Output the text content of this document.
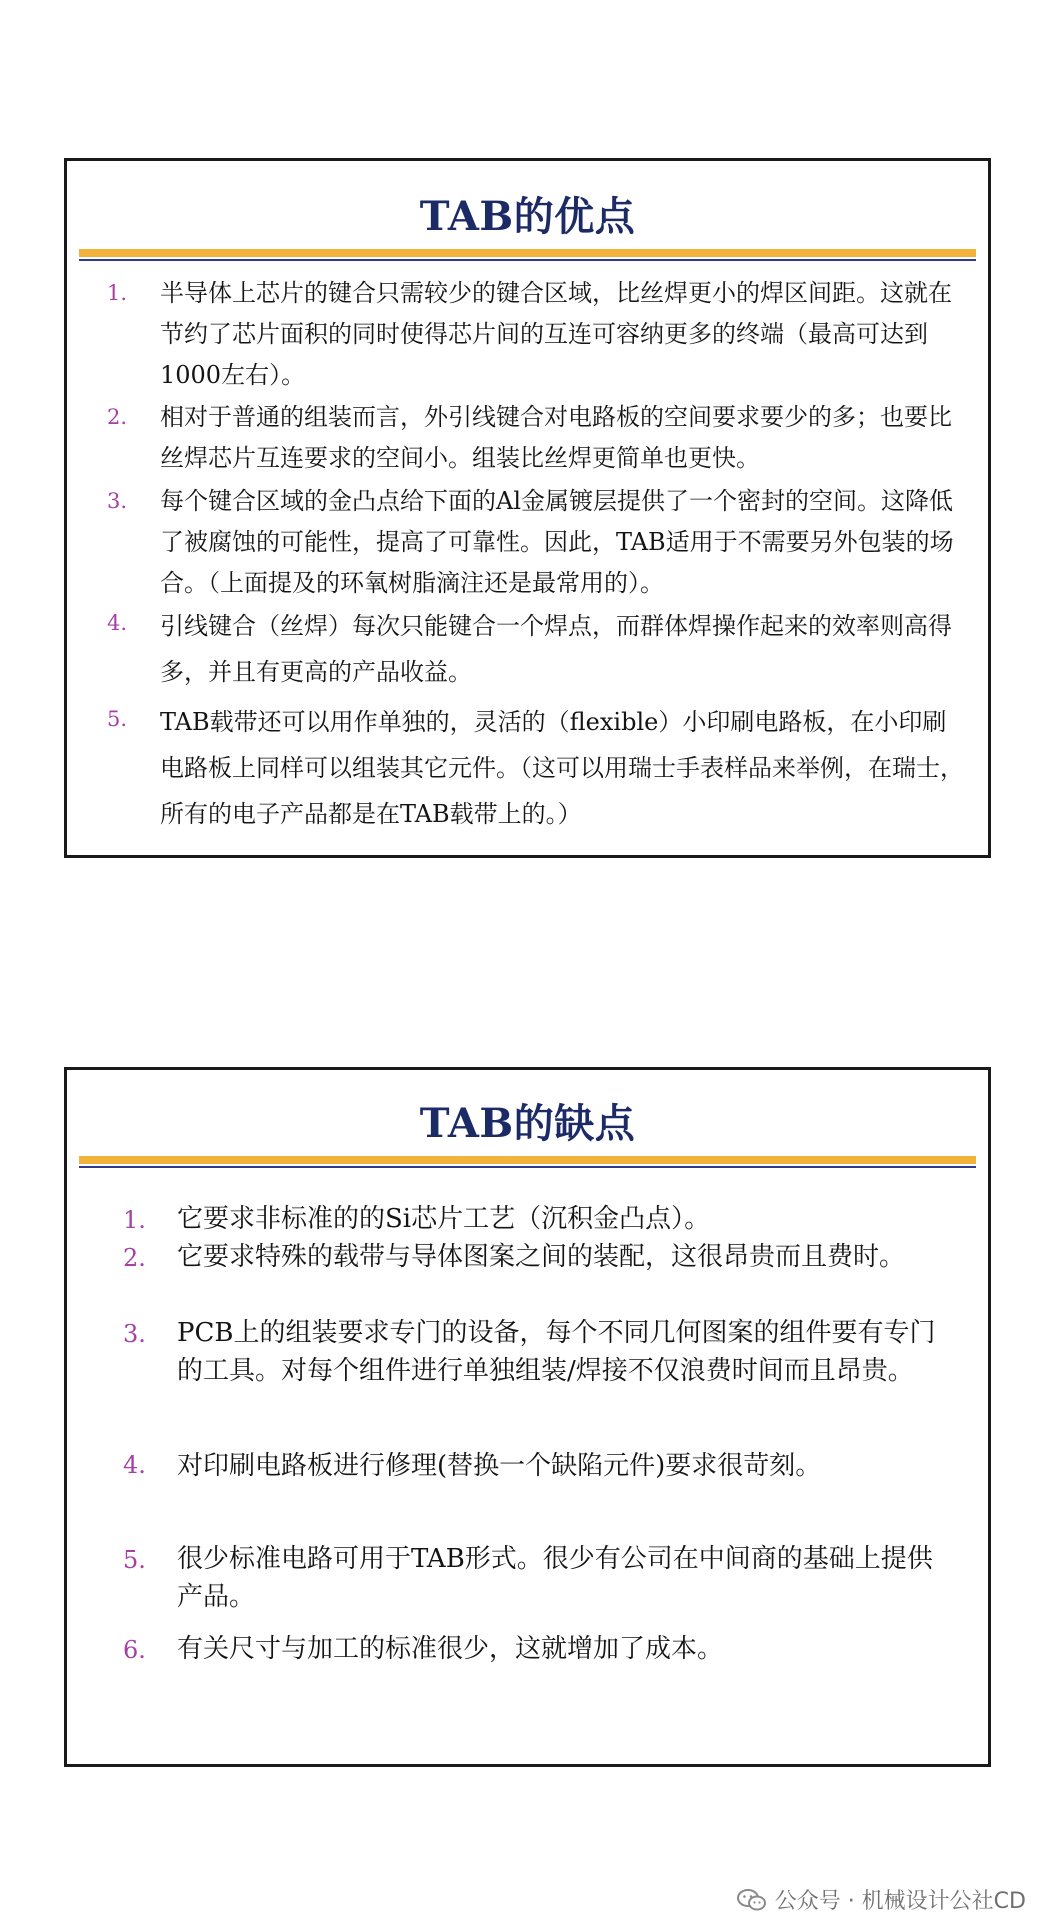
TAB的优点
1. 半导体上芯片的键合只需较少的键合区域，比丝焊更小的焊区间距。这就在节约了芯片面积的同时使得芯片间的互连可容纳更多的终端（最高可达到1000左右）。
2. 相对于普通的组装而言，外引线键合对电路板的空间要求要少的多；也要比丝焊芯片互连要求的空间小。组装比丝焊更简单也更快。
3. 每个键合区域的金凸点给下面的Al金属镀层提供了一个密封的空间。这降低了被腐蚀的可能性，提高了可靠性。因此，TAB适用于不需要另外包装的场合。（上面提及的环氧树脂滴注还是最常用的）。
4. 引线键合（丝焊）每次只能键合一个焊点，而群体焊操作起来的效率则高得多，并且有更高的产品收益。
5. TAB载带还可以用作单独的，灵活的（flexible）小印刷电路板，在小印刷电路板上同样可以组装其它元件。（这可以用瑞士手表样品来举例，在瑞士，所有的电子产品都是在TAB载带上的。）
TAB的缺点
1. 它要求非标准的的Si芯片工艺（沉积金凸点）。
2. 它要求特殊的载带与导体图案之间的装配，这很昂贵而且费时。
3. PCB上的组装要求专门的设备，每个不同几何图案的组件要有专门的工具。对每个组件进行单独组装/焊接不仅浪费时间而且昂贵。
4. 对印刷电路板进行修理(替换一个缺陷元件)要求很苛刻。
5. 很少标准电路可用于TAB形式。很少有公司在中间商的基础上提供产品。
6. 有关尺寸与加工的标准很少，这就增加了成本。
公众号 · 机械设计公社CD
